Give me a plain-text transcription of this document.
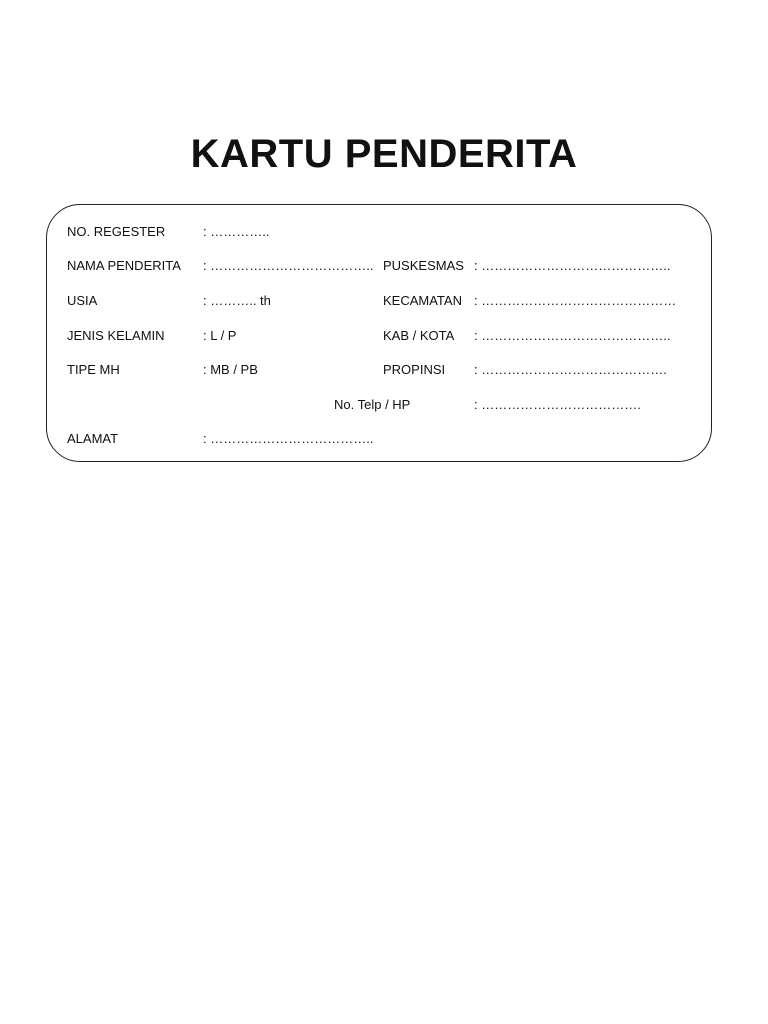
KARTU PENDERITA
NO. REGESTER
NAMA PENDERITA
USIA
JENIS KELAMIN
TIPE MH
ALAMAT
: …………..
: ………………………………..
: ……….. th
: L / P
: MB / PB
: ………………………………..
PUSKESMAS
KECAMATAN
KAB / KOTA
PROPINSI
No. Telp / HP
: ……………………………………..
: ………………………………………
: ……………………………………..
: …………………………………….
: ……………………………….
